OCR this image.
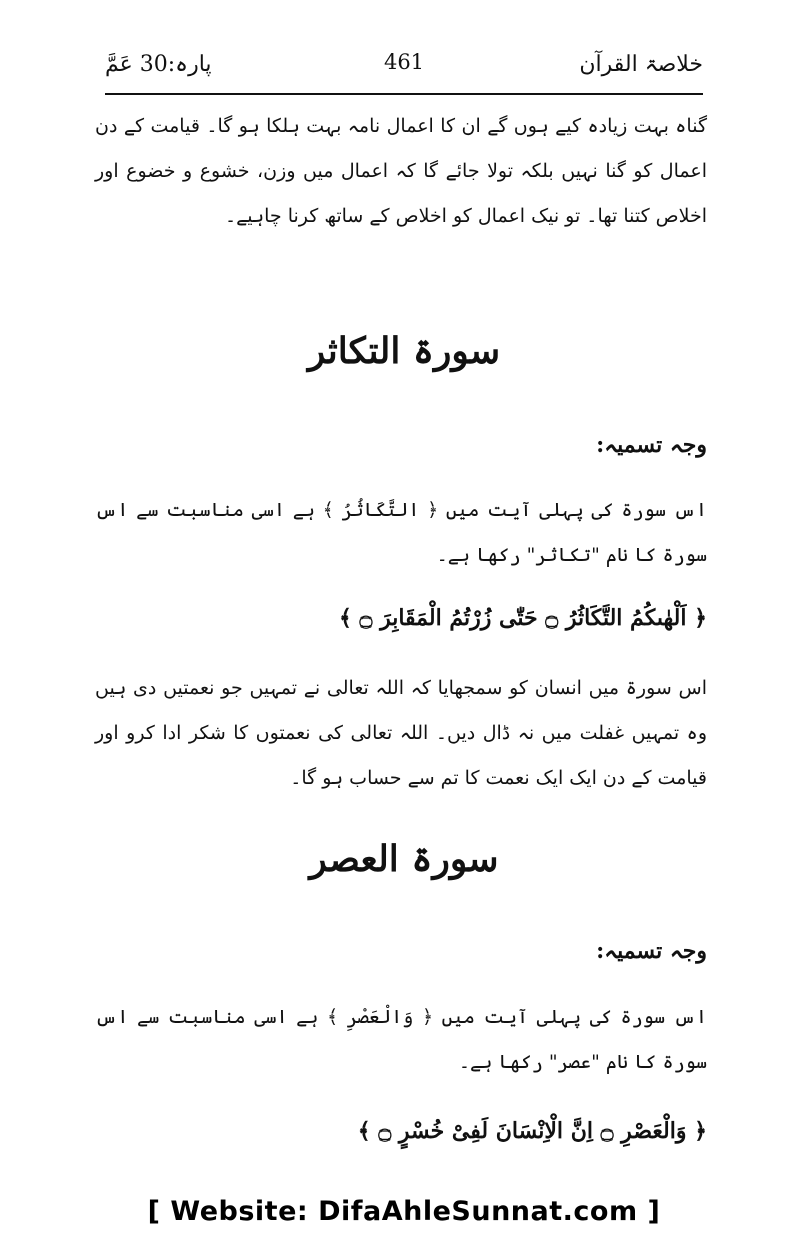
خلاصۃ القرآن
461
پارہ:30 عَمَّ

گناہ بہت زیادہ کیے ہوں گے ان کا اعمال نامہ بہت ہلکا ہو گا۔ قیامت کے دن اعمال کو گنا نہیں بلکہ تولا جائے گا کہ اعمال میں وزن، خشوع و خضوع اور اخلاص کتنا تھا۔ تو نیک اعمال کو اخلاص کے ساتھ کرنا چاہیے۔

سورۃ التکاثر
وجہ تسمیہ:

اس سورۃ کی پہلی آیت میں ﴿ التَّکَاثُرُ ﴾ ہے اسی مناسبت سے اس سورۃ کا نام "تکاثر" رکھا ہے۔

﴿ اَلْهٰىكُمُ التَّكَاثُرُ ۝ حَتّٰى زُرْتُمُ الْمَقَابِرَ ۝ ﴾

اس سورۃ میں انسان کو سمجھایا کہ اللہ تعالی نے تمہیں جو نعمتیں دی ہیں وہ تمہیں غفلت میں نہ ڈال دیں۔ اللہ تعالی کی نعمتوں کا شکر ادا کرو اور قیامت کے دن ایک ایک نعمت کا تم سے حساب ہو گا۔

سورۃ العصر
وجہ تسمیہ:

اس سورۃ کی پہلی آیت میں ﴿ وَالْعَصْرِ ﴾ ہے اسی مناسبت سے اس سورۃ کا نام "عصر" رکھا ہے۔

﴿ وَالْعَصْرِ ۝ اِنَّ الْاِنْسَانَ لَفِیْ خُسْرٍ ۝ ﴾
[ Website: DifaAhleSunnat.com ]
